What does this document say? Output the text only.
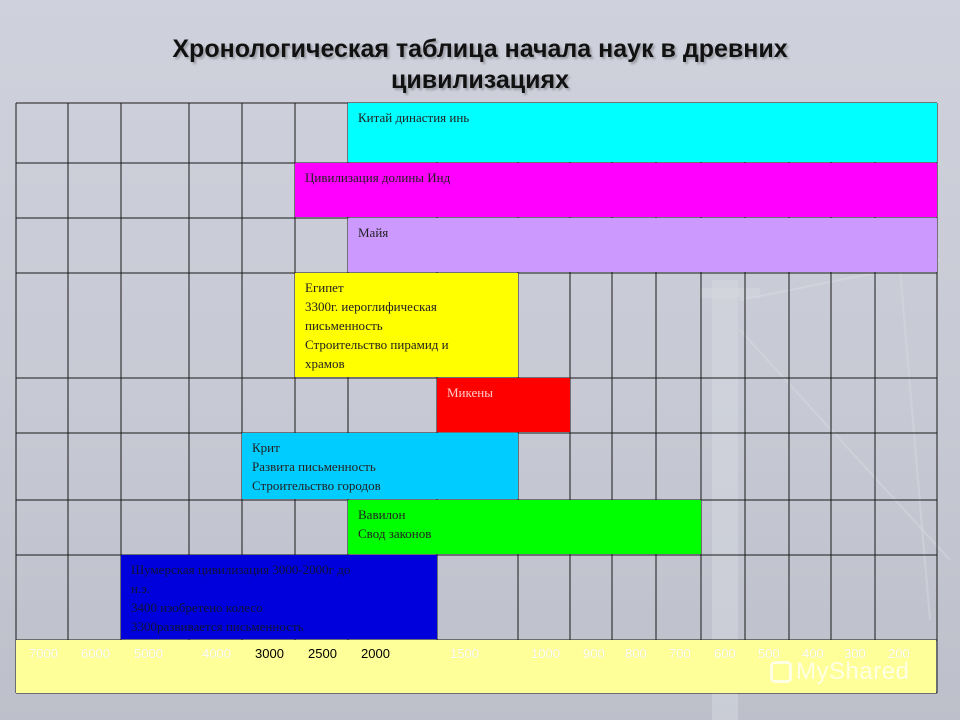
Хронологическая таблица начала наук в древних
цивилизациях
Китай династия инь
Цивилизация долины Инд
Майя
Египет
3300г. иероглифическая
письменность
Строительство пирамид и
храмов
Микены
Крит
Развита письменность
Строительство городов
Вавилон
Свод законов
Шумерская цивилизация 3000-2000г до
н.э.
3400 изобретено колесо
3300развивается письменность
7000 6000 5000	4000 3000 2500 2000	1500	1000 900 800 700 600 500 400 300 200
MyShared
